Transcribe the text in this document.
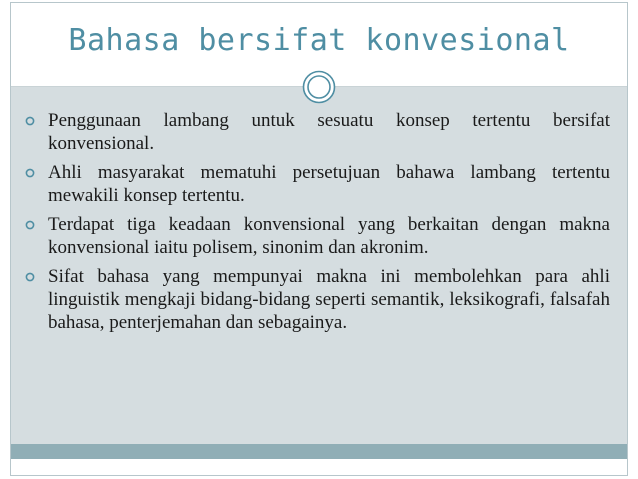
Bahasa bersifat konvesional
Penggunaan lambang untuk sesuatu konsep tertentu bersifat konvensional.
Ahli masyarakat mematuhi persetujuan bahawa lambang tertentu mewakili konsep tertentu.
Terdapat tiga keadaan konvensional yang berkaitan dengan makna konvensional iaitu polisem, sinonim dan akronim.
Sifat bahasa yang mempunyai makna ini membolehkan para ahli linguistik mengkaji bidang-bidang seperti semantik, leksikografi, falsafah bahasa, penterjemahan dan sebagainya.
